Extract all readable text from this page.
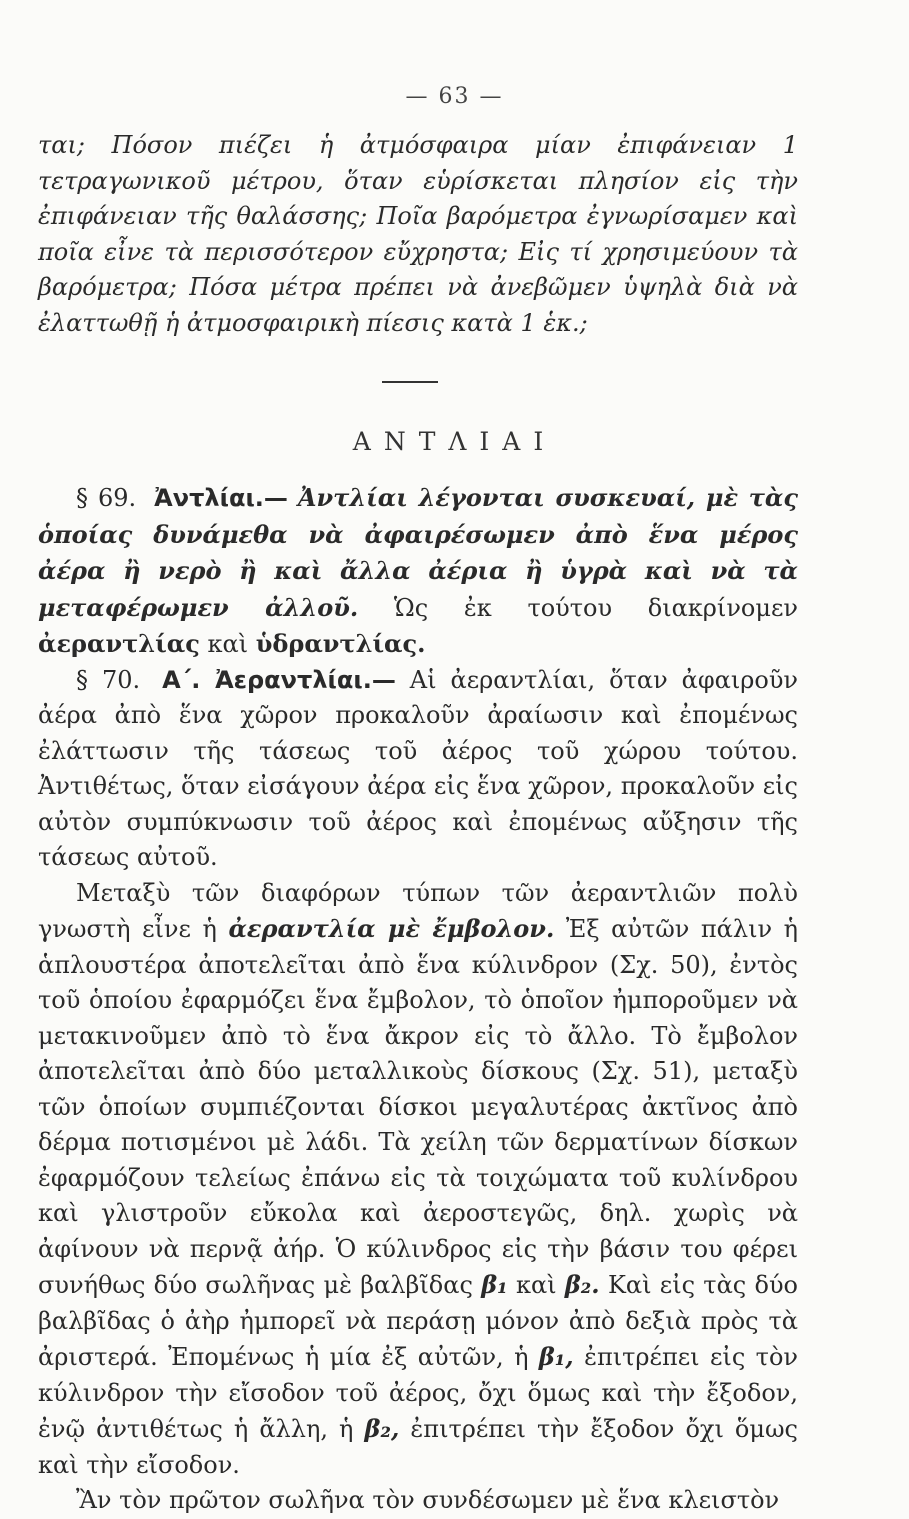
— 63 —
ται; Πόσον πιέζει ἡ ἀτμόσφαιρα μίαν ἐπιφάνειαν 1 τετραγωνικοῦ μέτρου, ὅταν εὑρίσκεται πλησίον εἰς τὴν ἐπιφάνειαν τῆς θαλάσσης; Ποῖα βαρόμετρα ἐγνωρίσαμεν καὶ ποῖα εἶνε τὰ περισσότερον εὔχρηστα; Εἰς τί χρησιμεύουν τὰ βαρόμετρα; Πόσα μέτρα πρέπει νὰ ἀνεβῶμεν ὑψηλὰ διὰ νὰ ἐλαττωθῇ ἡ ἀτμοσφαιρικὴ πίεσις κατὰ 1 ἑκ.;
ΑΝΤΛΙΑΙ

§ 69. Ἀντλίαι.— Ἀντλίαι λέγονται συσκευαί, μὲ τὰς ὁποίας δυνάμεθα νὰ ἀφαιρέσωμεν ἀπὸ ἕνα μέρος ἀέρα ἢ νερὸ ἢ καὶ ἄλλα ἀέρια ἢ ὑγρὰ καὶ νὰ τὰ μεταφέρωμεν ἀλλοῦ. Ὡς ἐκ τούτου διακρίνομεν ἀεραντλίας καὶ ὑδραντλίας.

§ 70. Α΄. Ἀεραντλίαι.— Αἱ ἀεραντλίαι, ὅταν ἀφαιροῦν ἀέρα ἀπὸ ἕνα χῶρον προκαλοῦν ἀραίωσιν καὶ ἐπομένως ἐλάττωσιν τῆς τάσεως τοῦ ἀέρος τοῦ χώρου τούτου. Ἀντιθέτως, ὅταν εἰσάγουν ἀέρα εἰς ἕνα χῶρον, προκαλοῦν εἰς αὐτὸν συμπύκνωσιν τοῦ ἀέρος καὶ ἐπομένως αὔξησιν τῆς τάσεως αὐτοῦ.

Μεταξὺ τῶν διαφόρων τύπων τῶν ἀεραντλιῶν πολὺ γνωστὴ εἶνε ἡ ἀεραντλία μὲ ἔμβολον. Ἐξ αὐτῶν πάλιν ἡ ἁπλουστέρα ἀποτελεῖται ἀπὸ ἕνα κύλινδρον (Σχ. 50), ἐντὸς τοῦ ὁποίου ἐφαρμόζει ἕνα ἔμβολον, τὸ ὁποῖον ἠμποροῦμεν νὰ μετακινοῦμεν ἀπὸ τὸ ἕνα ἄκρον εἰς τὸ ἄλλο. Τὸ ἔμβολον ἀποτελεῖται ἀπὸ δύο μεταλλικοὺς δίσκους (Σχ. 51), μεταξὺ τῶν ὁποίων συμπιέζονται δίσκοι μεγαλυτέρας ἀκτῖνος ἀπὸ δέρμα ποτισμένοι μὲ λάδι. Τὰ χείλη τῶν δερματίνων δίσκων ἐφαρμόζουν τελείως ἐπάνω εἰς τὰ τοιχώματα τοῦ κυλίνδρου καὶ γλιστροῦν εὔκολα καὶ ἀεροστεγῶς, δηλ. χωρὶς νὰ ἀφίνουν νὰ περνᾷ ἀήρ. Ὁ κύλινδρος εἰς τὴν βάσιν του φέρει συνήθως δύο σωλῆνας μὲ βαλβῖδας β₁ καὶ β₂. Καὶ εἰς τὰς δύο βαλβῖδας ὁ ἀὴρ ἠμπορεῖ νὰ περάσῃ μόνον ἀπὸ δεξιὰ πρὸς τὰ ἀριστερά. Ἐπομένως ἡ μία ἐξ αὐτῶν, ἡ β₁, ἐπιτρέπει εἰς τὸν κύλινδρον τὴν εἴσοδον τοῦ ἀέρος, ὄχι ὅμως καὶ τὴν ἔξοδον, ἐνῷ ἀντιθέτως ἡ ἄλλη, ἡ β₂, ἐπιτρέπει τὴν ἔξοδον ὄχι ὅμως καὶ τὴν εἴσοδον.

Ἂν τὸν πρῶτον σωλῆνα τὸν συνδέσωμεν μὲ ἕνα κλειστὸν
